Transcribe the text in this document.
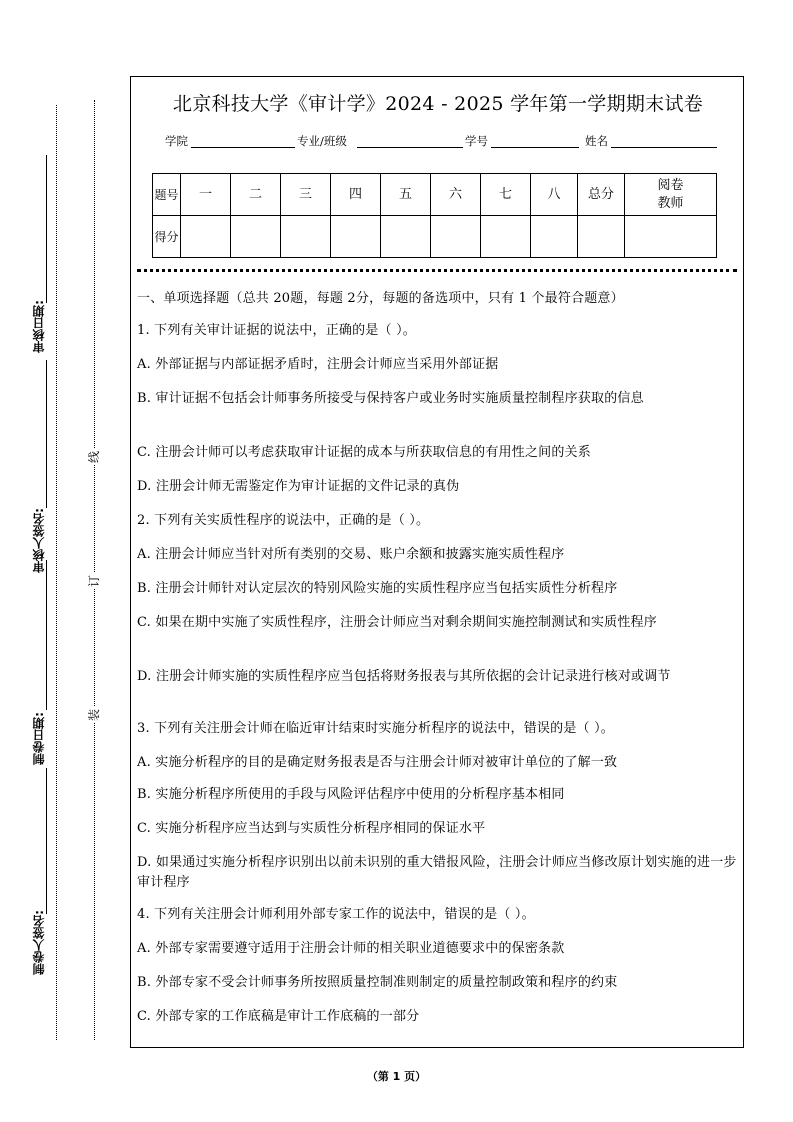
审核日期:
审核人签名:
制卷日期:
制卷人签名:
线
订
装
北京科技大学《审计学》2024 - 2025 学年第一学期期末试卷
学院	专业/班级	学号	姓名
题号	一	二	三	四	五	六	七	八	总分	阅卷教师
得分										
一、单项选择题（总共 20题，每题 2分，每题的备选项中，只有 1 个最符合题意）
1. 下列有关审计证据的说法中，正确的是（ ）。
A. 外部证据与内部证据矛盾时，注册会计师应当采用外部证据
B. 审计证据不包括会计师事务所接受与保持客户或业务时实施质量控制程序获取的信息
C. 注册会计师可以考虑获取审计证据的成本与所获取信息的有用性之间的关系
D. 注册会计师无需鉴定作为审计证据的文件记录的真伪
2. 下列有关实质性程序的说法中，正确的是（ ）。
A. 注册会计师应当针对所有类别的交易、账户余额和披露实施实质性程序
B. 注册会计师针对认定层次的特别风险实施的实质性程序应当包括实质性分析程序
C. 如果在期中实施了实质性程序，注册会计师应当对剩余期间实施控制测试和实质性程序
D. 注册会计师实施的实质性程序应当包括将财务报表与其所依据的会计记录进行核对或调节
3. 下列有关注册会计师在临近审计结束时实施分析程序的说法中，错误的是（ ）。
A. 实施分析程序的目的是确定财务报表是否与注册会计师对被审计单位的了解一致
B. 实施分析程序所使用的手段与风险评估程序中使用的分析程序基本相同
C. 实施分析程序应当达到与实质性分析程序相同的保证水平
D. 如果通过实施分析程序识别出以前未识别的重大错报风险，注册会计师应当修改原计划实施的进一步审计程序
4. 下列有关注册会计师利用外部专家工作的说法中，错误的是（ ）。
A. 外部专家需要遵守适用于注册会计师的相关职业道德要求中的保密条款
B. 外部专家不受会计师事务所按照质量控制准则制定的质量控制政策和程序的约束
C. 外部专家的工作底稿是审计工作底稿的一部分
（第 1 页）
